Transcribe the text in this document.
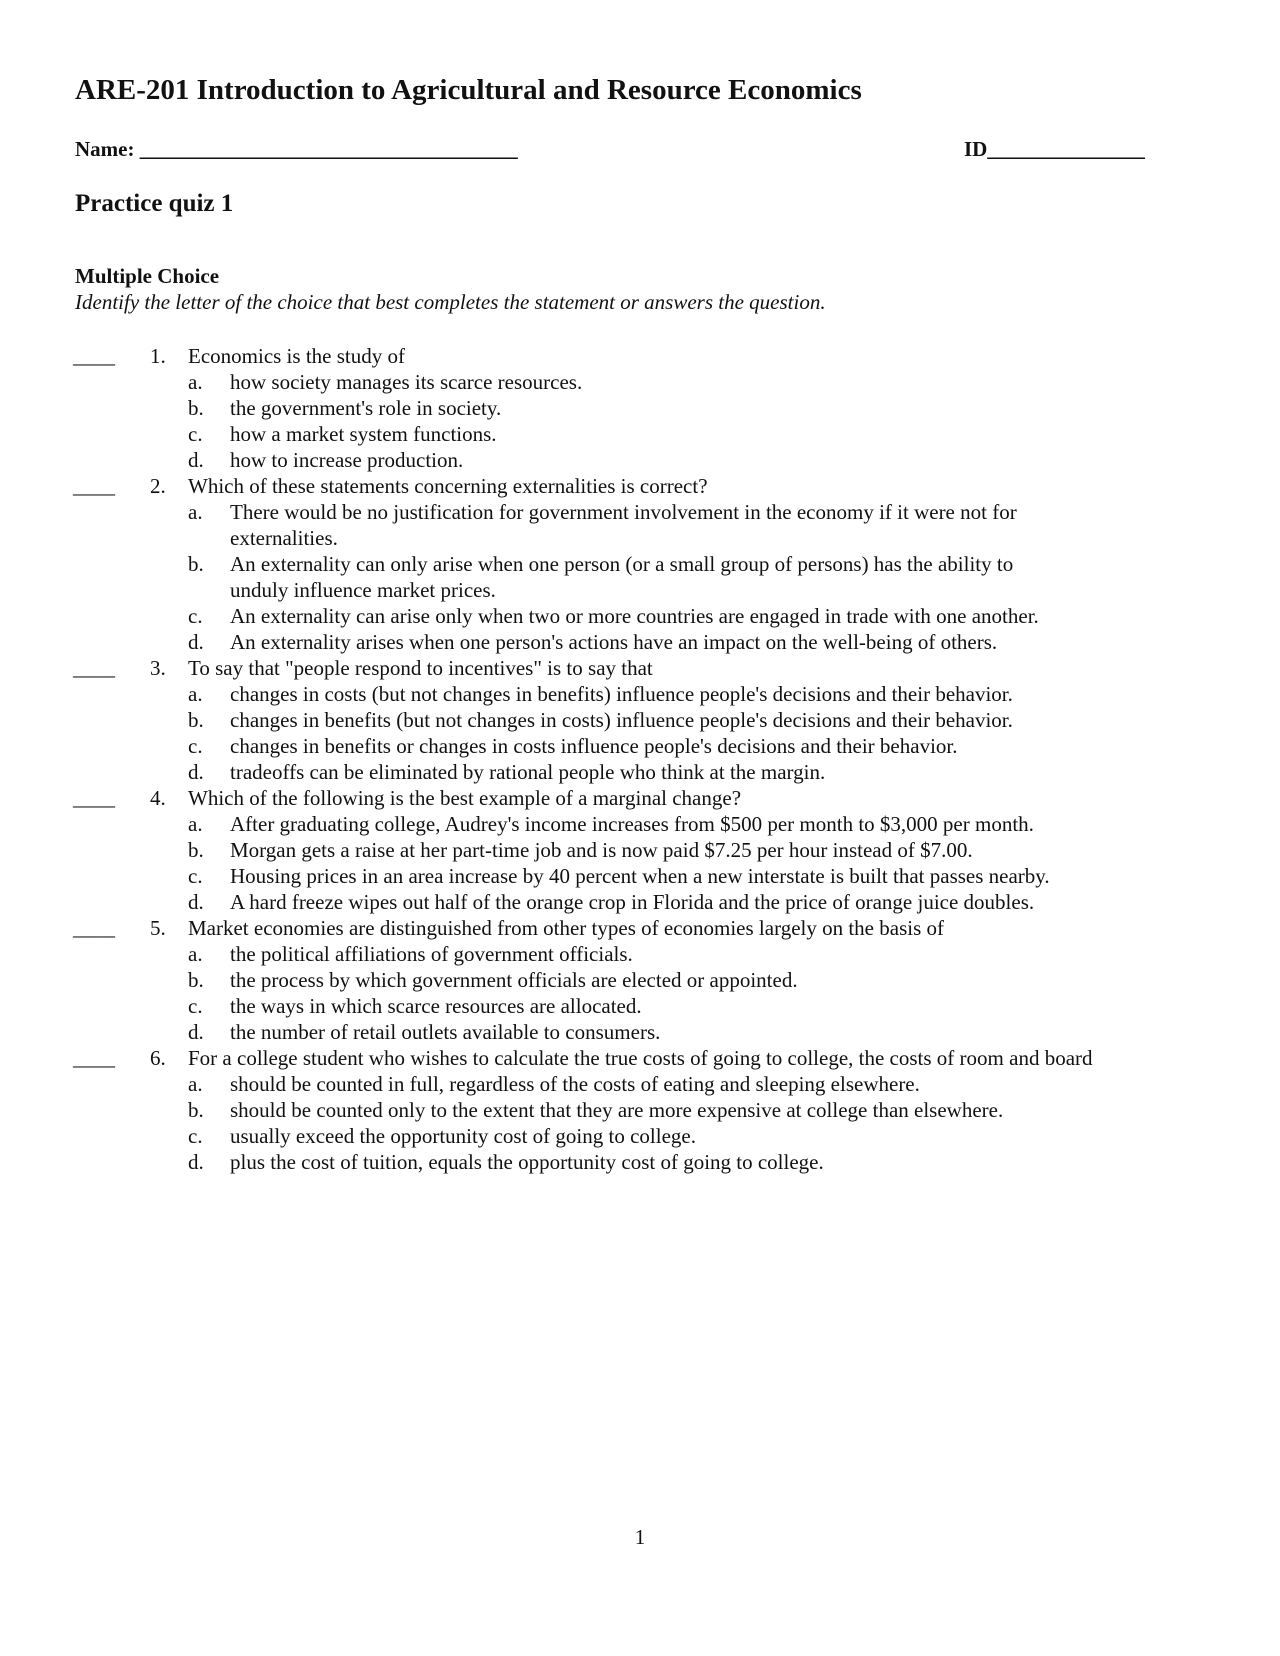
ARE-201 Introduction to Agricultural and Resource Economics
Name: ____________________________________	ID_______________
Practice quiz 1
Multiple Choice
Identify the letter of the choice that best completes the statement or answers the question.
____ 1. Economics is the study of
a. how society manages its scarce resources.
b. the government's role in society.
c. how a market system functions.
d. how to increase production.
____ 2. Which of these statements concerning externalities is correct?
a. There would be no justification for government involvement in the economy if it were not for externalities.
b. An externality can only arise when one person (or a small group of persons) has the ability to unduly influence market prices.
c. An externality can arise only when two or more countries are engaged in trade with one another.
d. An externality arises when one person's actions have an impact on the well-being of others.
____ 3. To say that "people respond to incentives" is to say that
a. changes in costs (but not changes in benefits) influence people's decisions and their behavior.
b. changes in benefits (but not changes in costs) influence people's decisions and their behavior.
c. changes in benefits or changes in costs influence people's decisions and their behavior.
d. tradeoffs can be eliminated by rational people who think at the margin.
____ 4. Which of the following is the best example of a marginal change?
a. After graduating college, Audrey's income increases from $500 per month to $3,000 per month.
b. Morgan gets a raise at her part-time job and is now paid $7.25 per hour instead of $7.00.
c. Housing prices in an area increase by 40 percent when a new interstate is built that passes nearby.
d. A hard freeze wipes out half of the orange crop in Florida and the price of orange juice doubles.
____ 5. Market economies are distinguished from other types of economies largely on the basis of
a. the political affiliations of government officials.
b. the process by which government officials are elected or appointed.
c. the ways in which scarce resources are allocated.
d. the number of retail outlets available to consumers.
____ 6. For a college student who wishes to calculate the true costs of going to college, the costs of room and board
a. should be counted in full, regardless of the costs of eating and sleeping elsewhere.
b. should be counted only to the extent that they are more expensive at college than elsewhere.
c. usually exceed the opportunity cost of going to college.
d. plus the cost of tuition, equals the opportunity cost of going to college.
1
